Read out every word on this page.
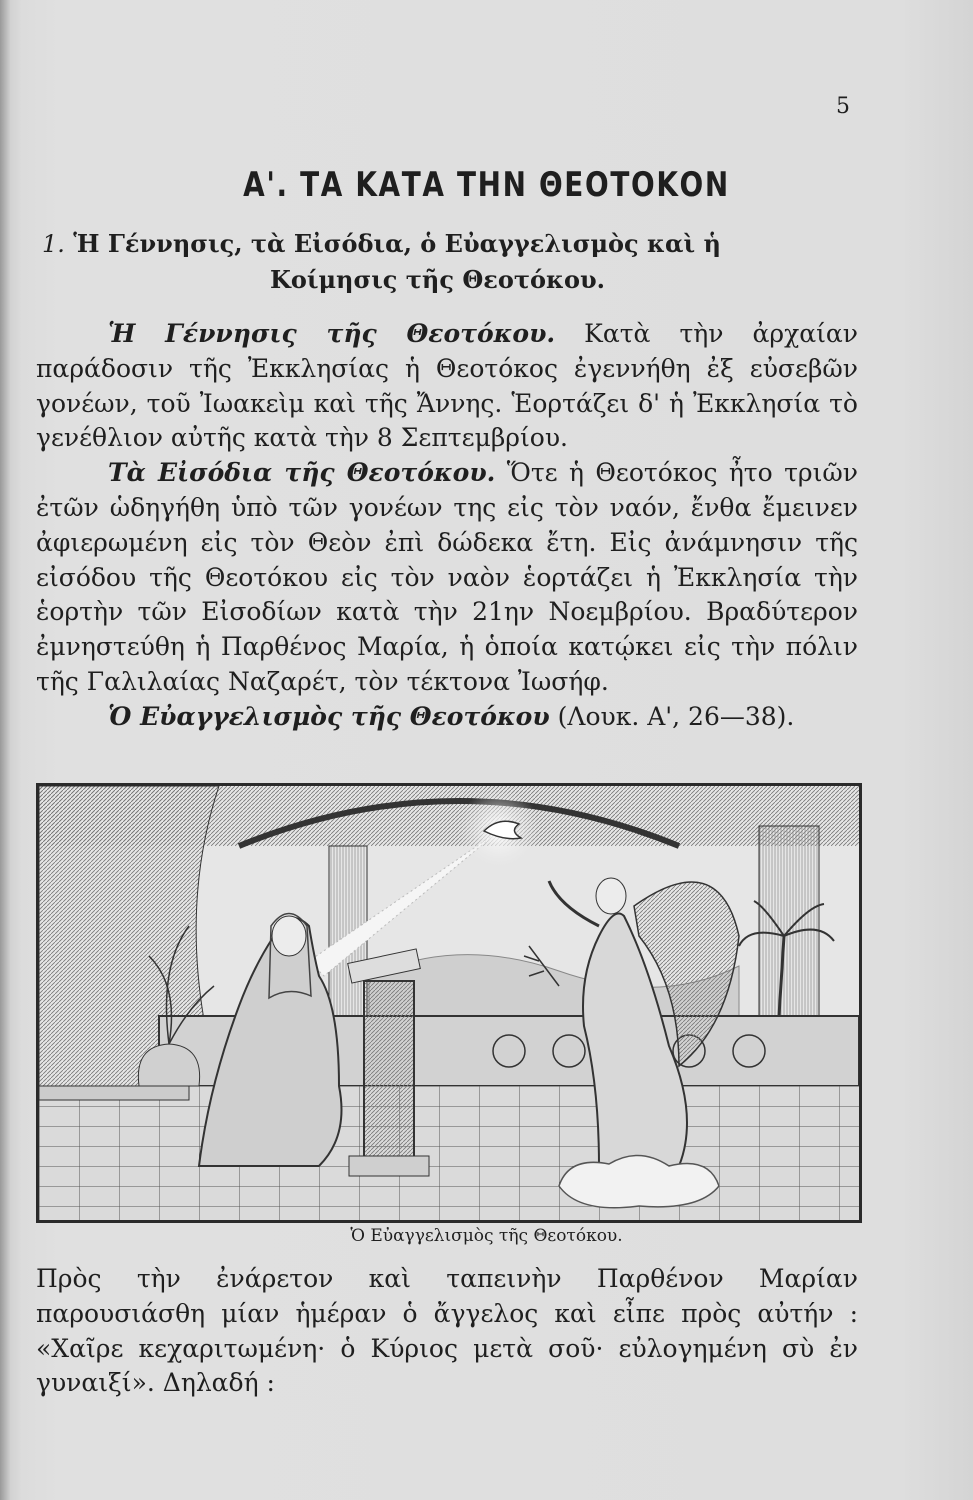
5
Α'. ΤΑ ΚΑΤΑ ΤΗΝ ΘΕΟΤΟΚΟΝ
1. Ἡ Γέννησις, τὰ Εἰσόδια, ὁ Εὐαγγελισμὸς καὶ ἡ
Κοίμησις τῆς Θεοτόκου.

Ἡ Γέννησις τῆς Θεοτόκου. Κατὰ τὴν ἀρχαίαν παράδοσιν τῆς Ἐκκλησίας ἡ Θεοτόκος ἐγεννήθη ἐξ εὐσεβῶν γονέων, τοῦ Ἰωακεὶμ καὶ τῆς Ἄννης. Ἑορτάζει δ' ἡ Ἐκκλησία τὸ γενέθλιον αὐτῆς κατὰ τὴν 8 Σεπτεμβρίου.

Τὰ Εἰσόδια τῆς Θεοτόκου. Ὅτε ἡ Θεοτόκος ἦτο τριῶν ἐτῶν ὡδηγήθη ὑπὸ τῶν γονέων της εἰς τὸν ναόν, ἔνθα ἔμεινεν ἀφιερωμένη εἰς τὸν Θεὸν ἐπὶ δώδεκα ἔτη. Εἰς ἀνάμνησιν τῆς εἰσόδου τῆς Θεοτόκου εἰς τὸν ναὸν ἑορτάζει ἡ Ἐκκλησία τὴν ἑορτὴν τῶν Εἰσοδίων κατὰ τὴν 21ην Νοεμβρίου. Βραδύτερον ἐμνηστεύθη ἡ Παρθένος Μαρία, ἡ ὁποία κατῴκει εἰς τὴν πόλιν τῆς Γαλιλαίας Ναζαρέτ, τὸν τέκτονα Ἰωσήφ.

Ὁ Εὐαγγελισμὸς τῆς Θεοτόκου (Λουκ. Α', 26—38).

Ὁ Εὐαγγελισμὸς τῆς Θεοτόκου.

Πρὸς τὴν ἐνάρετον καὶ ταπεινὴν Παρθένον Μαρίαν παρουσιάσθη μίαν ἡμέραν ὁ ἄγγελος καὶ εἶπε πρὸς αὐτήν : «Χαῖρε κεχαριτωμένη· ὁ Κύριος μετὰ σοῦ· εὐλογημένη σὺ ἐν γυναιξί». Δηλαδή :
